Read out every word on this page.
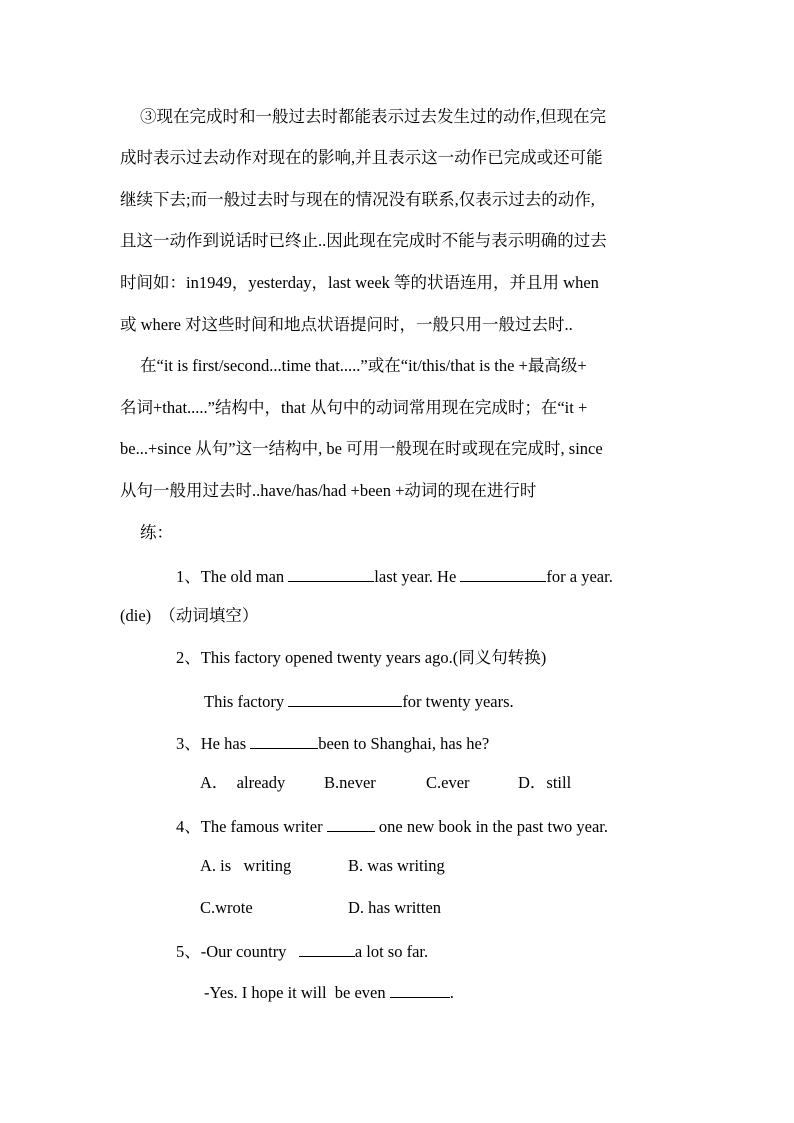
③现在完成时和一般过去时都能表示过去发生过的动作,但现在完
成时表示过去动作对现在的影响,并且表示这一动作已完成或还可能
继续下去;而一般过去时与现在的情况没有联系,仅表示过去的动作,
且这一动作到说话时已终止..因此现在完成时不能与表示明确的过去
时间如：in1949，yesterday，last week 等的状语连用，并且用 when
或 where 对这些时间和地点状语提问时，一般只用一般过去时..
在“it is first/second...time that.....”或在“it/this/that is the +最高级+
名词+that.....”结构中，that 从句中的动词常用现在完成时；在“it +
be...+since 从句”这一结构中, be 可用一般现在时或现在完成时, since
从句一般用过去时..have/has/had +been +动词的现在进行时
练：
1、The old man	last year. He	for a year.
(die)  （动词填空）
2、This factory opened twenty years ago.(同义句转换)
This factory	for twenty years.
3、He has	been to Shanghai, has he?
A．  already B.never	C.ever	D．still
4、The famous writer	one new book in the past two year.
A. is   writing	B. was writing
C.wrote	D. has written
5、-Our country	a lot so far.
-Yes. I hope it will  be even	.
